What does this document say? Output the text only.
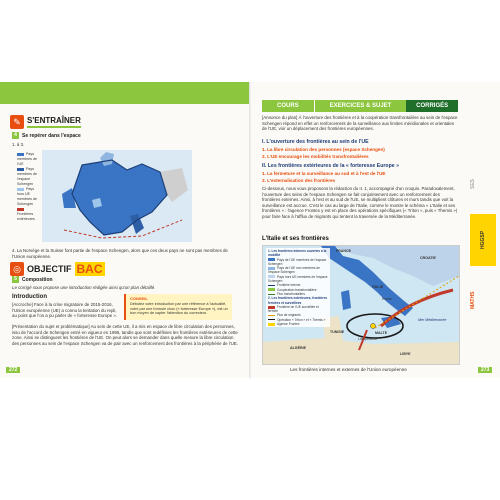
✎ S'ENTRAÎNER
4	Se repérer dans l'espace
1. à 3.
Pays membres de l'UE
Pays membres de l'espace Schengen
Pays hors UE membres de Schengen
Frontières extérieures
4. La Norvège et la Suisse font partie de l'espace Schengen, alors que ces deux pays ne sont pas membres de l'Union européenne.
◎ OBJECTIF BAC
5	Composition
Le corrigé sous propose une introduction rédigée ainsi qu'un plan détaillé.
Introduction	CONSEIL
Débutez votre introduction par une référence à l'actualité, votre par une formule choc (« forteresse Europe »), est un bon moyen de capter l'attention du correcteur.
[Accroche] Face à la crise migratoire de 2015-2016, l'Union européenne (UE) a connu la tentation du repli, au point que l'on a pu parler de « forteresse Europe ».
[Présentation du sujet et problématique] Au sein de cette UE, il a mis en espace de libre circulation des personnes, issu de l'accord de Schengen entré en vigueur en 1995, tandis que sont redéfinies les frontières extérieures de cette zone. Ainsi se distinguent les frontières de l'UE. On peut alors se demander dans quelle mesure la libre circulation des personnes au sein de l'espace Schengen va de pair avec un renforcement des frontières à la périphérie de l'UE.
272
COURS	EXERCICES & SUJET	CORRIGÉS
[Annonce du plan] À l'ouverture des frontières et à la coopération transfrontalière au sein de l'espace Schengen répond en effet un renforcement de la surveillance aux limites méridionales et orientales de l'UE, voir un déplacement des frontières européennes.
I. L'ouverture des frontières au sein de l'UE
1. La libre circulation des personnes (espace Schengen)
2. L'UE encourage les mobilités transfrontalières
II. Les frontières extérieures de la « forteresse Europe »
1. La fermeture et la surveillance au sud et à l'est de l'UE
2. L'externalisation des frontières
Ci-dessous, nous vous proposons la rédaction du II. 1, accompagné d'un croquis. Paradoxalement, l'ouverture des seins de l'espace Schengen se fait conjointement avec un renforcement des frontières externes. Ainsi, à l'est et au sud de l'UE, se multiplient clôtures et murs tandis que voit la surveillance est accrue. C'est le cas au large de l'Italie, comme le montre le schéma « L'Italie et ses frontières » : l'agence Frontex y est en place des opérations spécifiques (« Triton », puis « Themis ») pour faire face à l'afflux de migrants qui tentent la traversée de la Méditerranée.
L'Italie et ses frontières
1. Les frontières internes ouvertes à la mobilité
Pays de l'UE membres de l'espace Schengen
Pays de l'UE non membres de l'espace Schengen
Pays hors UE membres de l'espace Schengen
Frontière interne
Coopération transfrontalière
Flux transfrontaliers
2. Les frontières extérieures, frontières fermées et surveillées
Frontière de l'UE surveillée et fermée
Flux de migrants
Opération « Triton » et « Themis »
Agence Frontex
FRANCE
ITALIE
CROATIE
Rome
TUNISIE
ALGÉRIE
LIBYE
MALTE
Lampedusa
Mer Méditerranée
Les frontières internes et externes de l'Union européenne	273
SES
HGGSP
MATHS
